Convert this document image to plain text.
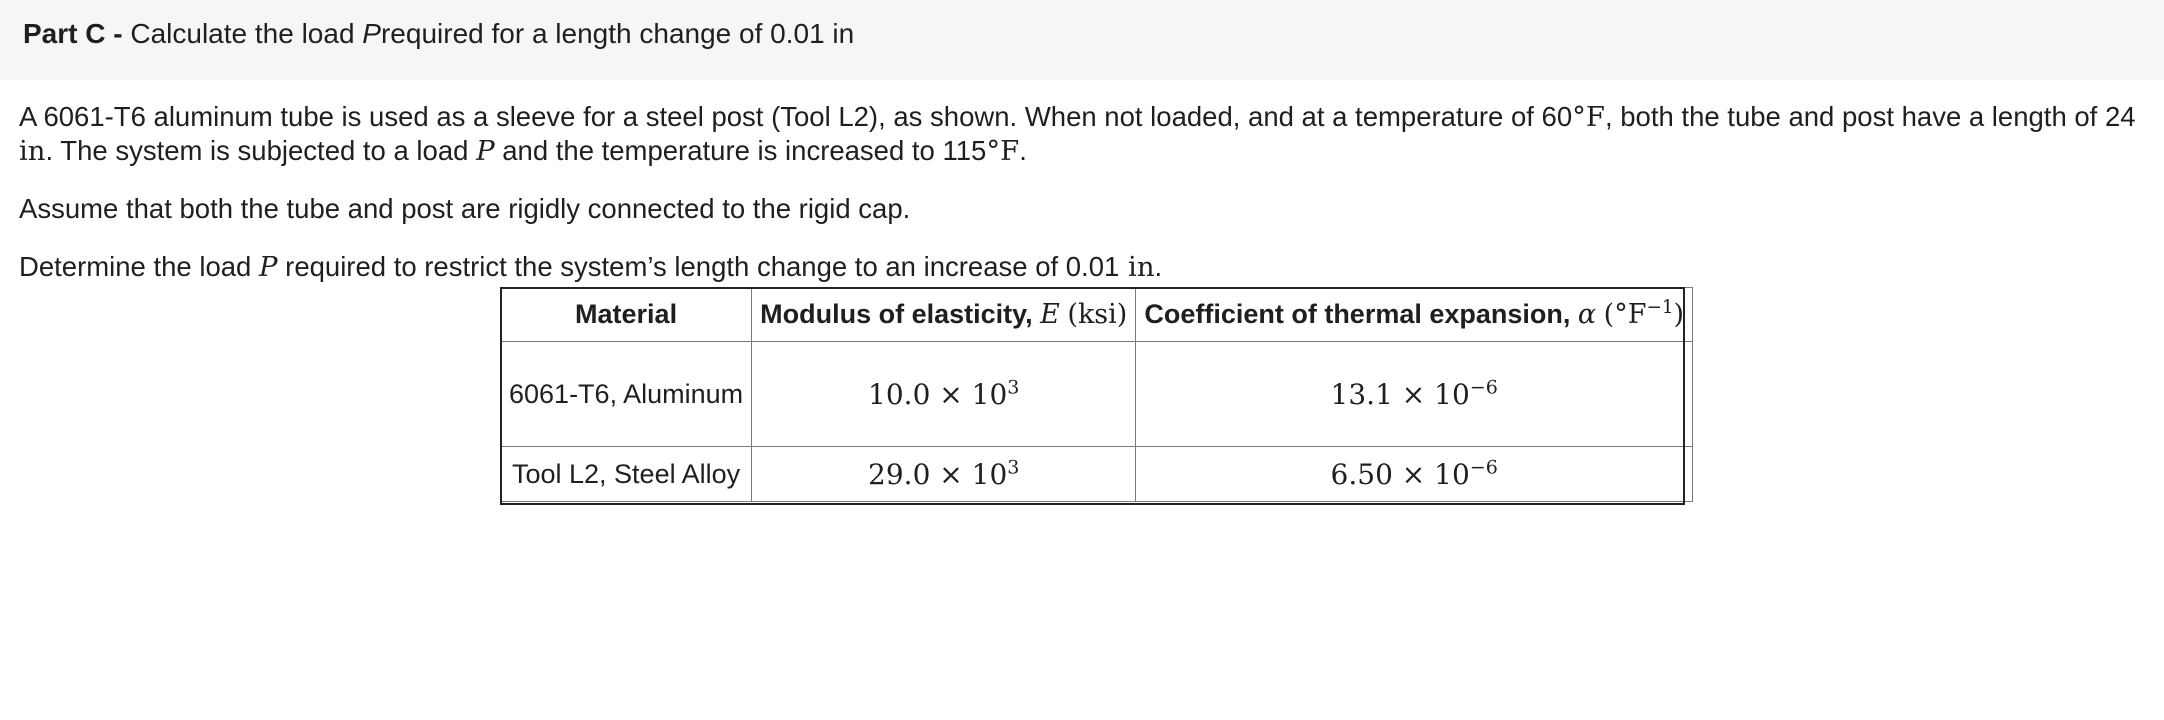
Part C - Calculate the load Prequired for a length change of 0.01 in

A 6061-T6 aluminum tube is used as a sleeve for a steel post (Tool L2), as shown. When not loaded, and at a temperature of 60°F, both the tube and post have a length of 24 in. The system is subjected to a load P and the temperature is increased to 115°F.

Assume that both the tube and post are rigidly connected to the rigid cap.

Determine the load P required to restrict the system’s length change to an increase of 0.01 in.

Material	Modulus of elasticity, E (ksi)	Coefficient of thermal expansion, α $(^\circ F^{-1})$
6061-T6, Aluminum	$10.0 \times 10^3$	$13.1 \times 10^{-6}$
Tool L2, Steel Alloy	$29.0 \times 10^3$	$6.50 \times 10^{-6}$
